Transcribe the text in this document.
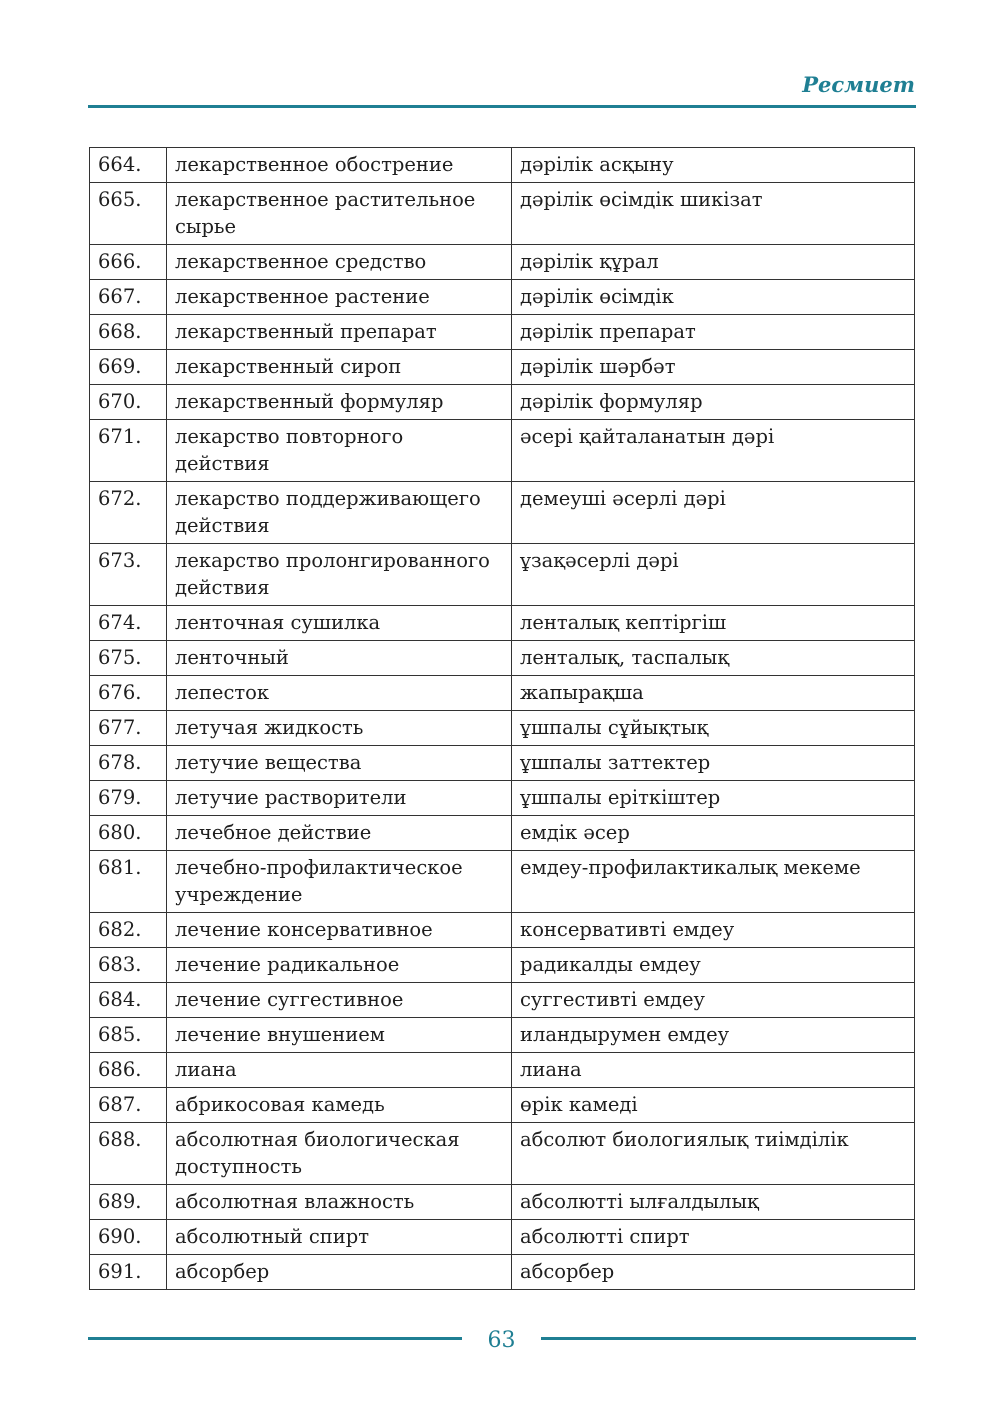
Ресмиет
664.	лекарственное обострение	дәрілік асқыну
665.	лекарственное растительное сырье	дәрілік өсімдік шикізат
666.	лекарственное средство	дәрілік құрал
667.	лекарственное растение	дәрілік өсімдік
668.	лекарственный препарат	дәрілік препарат
669.	лекарственный сироп	дәрілік шәрбәт
670.	лекарственный формуляр	дәрілік формуляр
671.	лекарство повторного действия	әсері қайталанатын дәрі
672.	лекарство поддерживающего действия	демеуші әсерлі дәрі
673.	лекарство пролонгированного действия	ұзақәсерлі дәрі
674.	ленточная сушилка	ленталық кептіргіш
675.	ленточный	ленталық, таспалық
676.	лепесток	жапырақша
677.	летучая жидкость	ұшпалы сұйықтық
678.	летучие вещества	ұшпалы заттектер
679.	летучие растворители	ұшпалы еріткіштер
680.	лечебное действие	емдік әсер
681.	лечебно-профилактическое учреждение	емдеу-профилактикалық мекеме
682.	лечение консервативное	консервативті емдеу
683.	лечение радикальное	радикалды емдеу
684.	лечение суггестивное	суггестивті емдеу
685.	лечение внушением	иландырумен емдеу
686.	лиана	лиана
687.	абрикосовая камедь	өрік камеді
688.	абсолютная биологическая доступность	абсолют биологиялық тиімділік
689.	абсолютная влажность	абсолютті ылғалдылық
690.	абсолютный спирт	абсолютті спирт
691.	абсорбер	абсорбер
63
